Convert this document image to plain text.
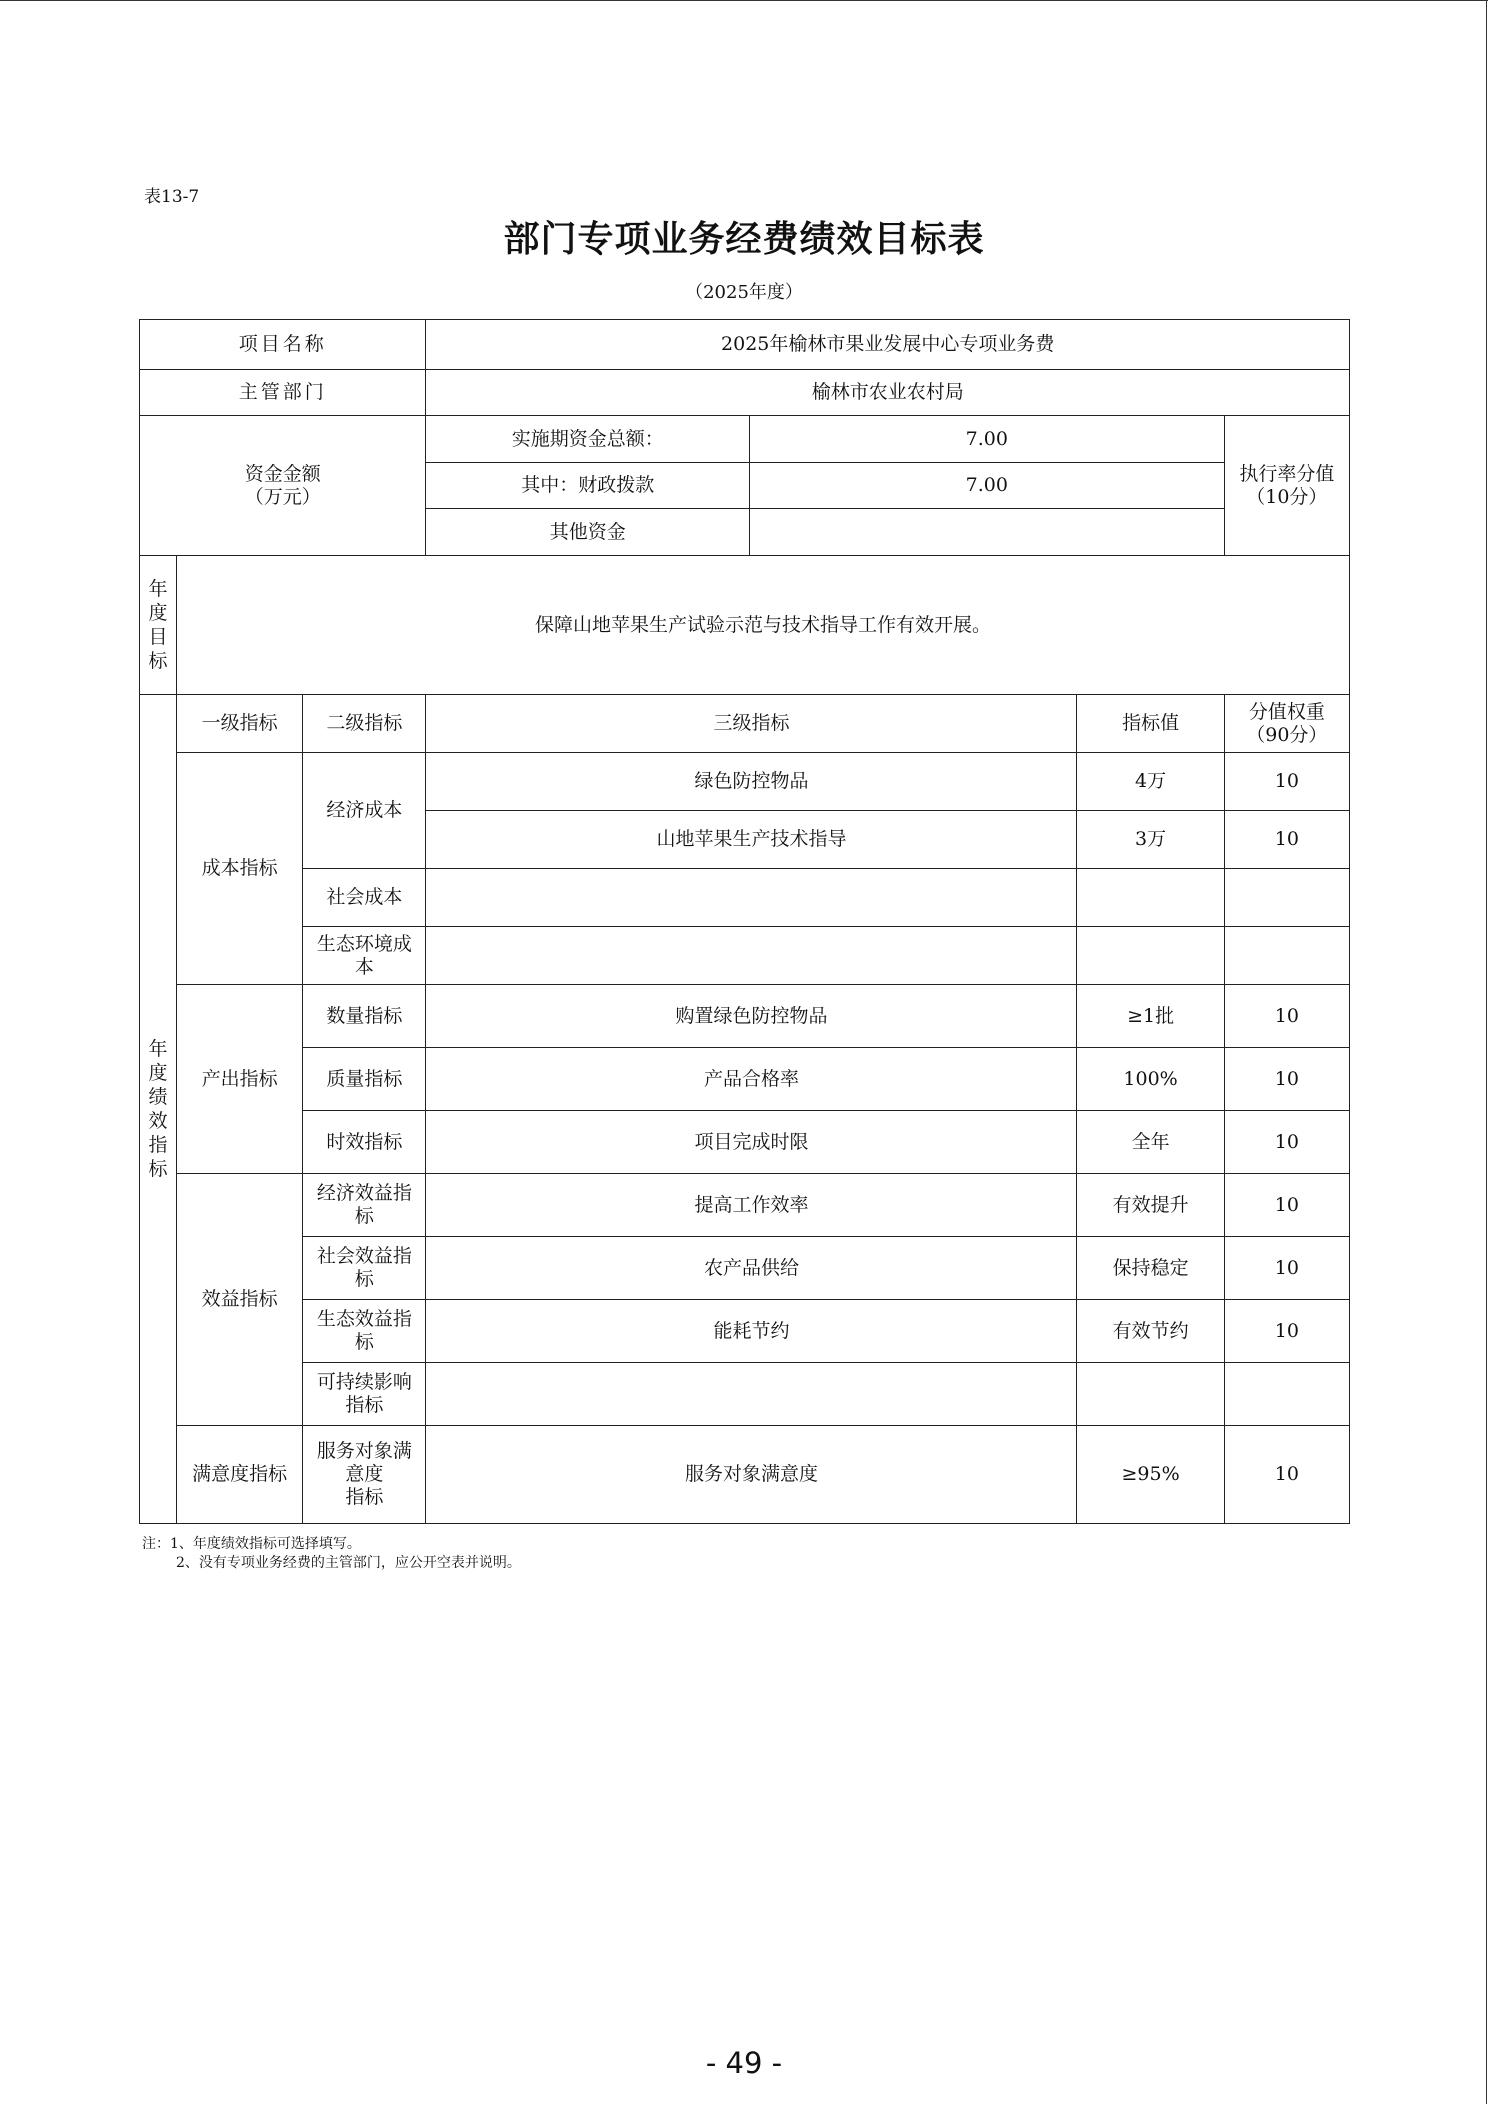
表13-7
部门专项业务经费绩效目标表
（2025年度）
项目名称			2025年榆林市果业发展中心专项业务费			
主管部门			榆林市农业农村局			
资金金额
（万元）			实施期资金总额：	7.00		执行率分值
（10分）
			其中：财政拨款	7.00		
			其他资金			
年度目标	保障山地苹果生产试验示范与技术指导工作有效开展。					
年度绩效指标	一级指标	二级指标	三级指标		指标值	分值权重
（90分）
	成本指标	经济成本	绿色防控物品		4万	10
			山地苹果生产技术指导		3万	10
		社会成本				
		生态环境成
本				
	产出指标	数量指标	购置绿色防控物品		≥1批	10
		质量指标	产品合格率		100%	10
		时效指标	项目完成时限		全年	10
	效益指标	经济效益指
标	提高工作效率		有效提升	10
		社会效益指
标	农产品供给		保持稳定	10
		生态效益指
标	能耗节约		有效节约	10
		可持续影响
指标				
	满意度指标	服务对象满
意度
指标	服务对象满意度		≥95%	10
注：1、年度绩效指标可选择填写。
2、没有专项业务经费的主管部门，应公开空表并说明。
- 49 -
